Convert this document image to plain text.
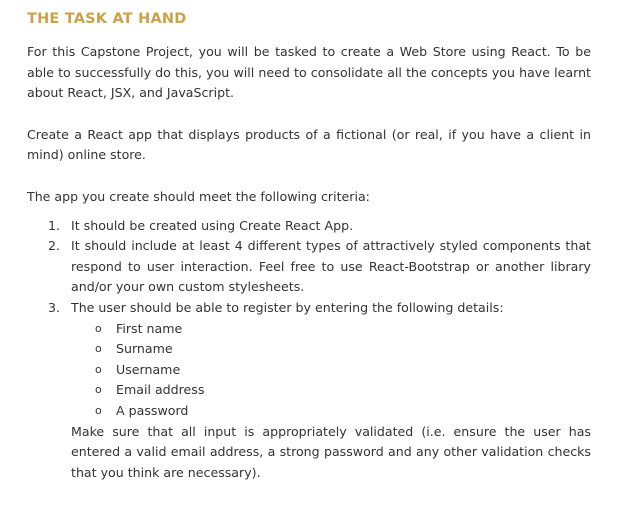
THE TASK AT HAND

For this Capstone Project, you will be tasked to create a Web Store using React. To be able to successfully do this, you will need to consolidate all the concepts you have learnt about React, JSX, and JavaScript.

Create a React app that displays products of a fictional (or real, if you have a client in mind) online store.

The app you create should meet the following criteria:

1. It should be created using Create React App.
2. It should include at least 4 different types of attractively styled components that respond to user interaction. Feel free to use React-Bootstrap or another library and/or your own custom stylesheets.
3. The user should be able to register by entering the following details:
o First name
o Surname
o Username
o Email address
o A password
Make sure that all input is appropriately validated (i.e. ensure the user has entered a valid email address, a strong password and any other validation checks that you think are necessary).
